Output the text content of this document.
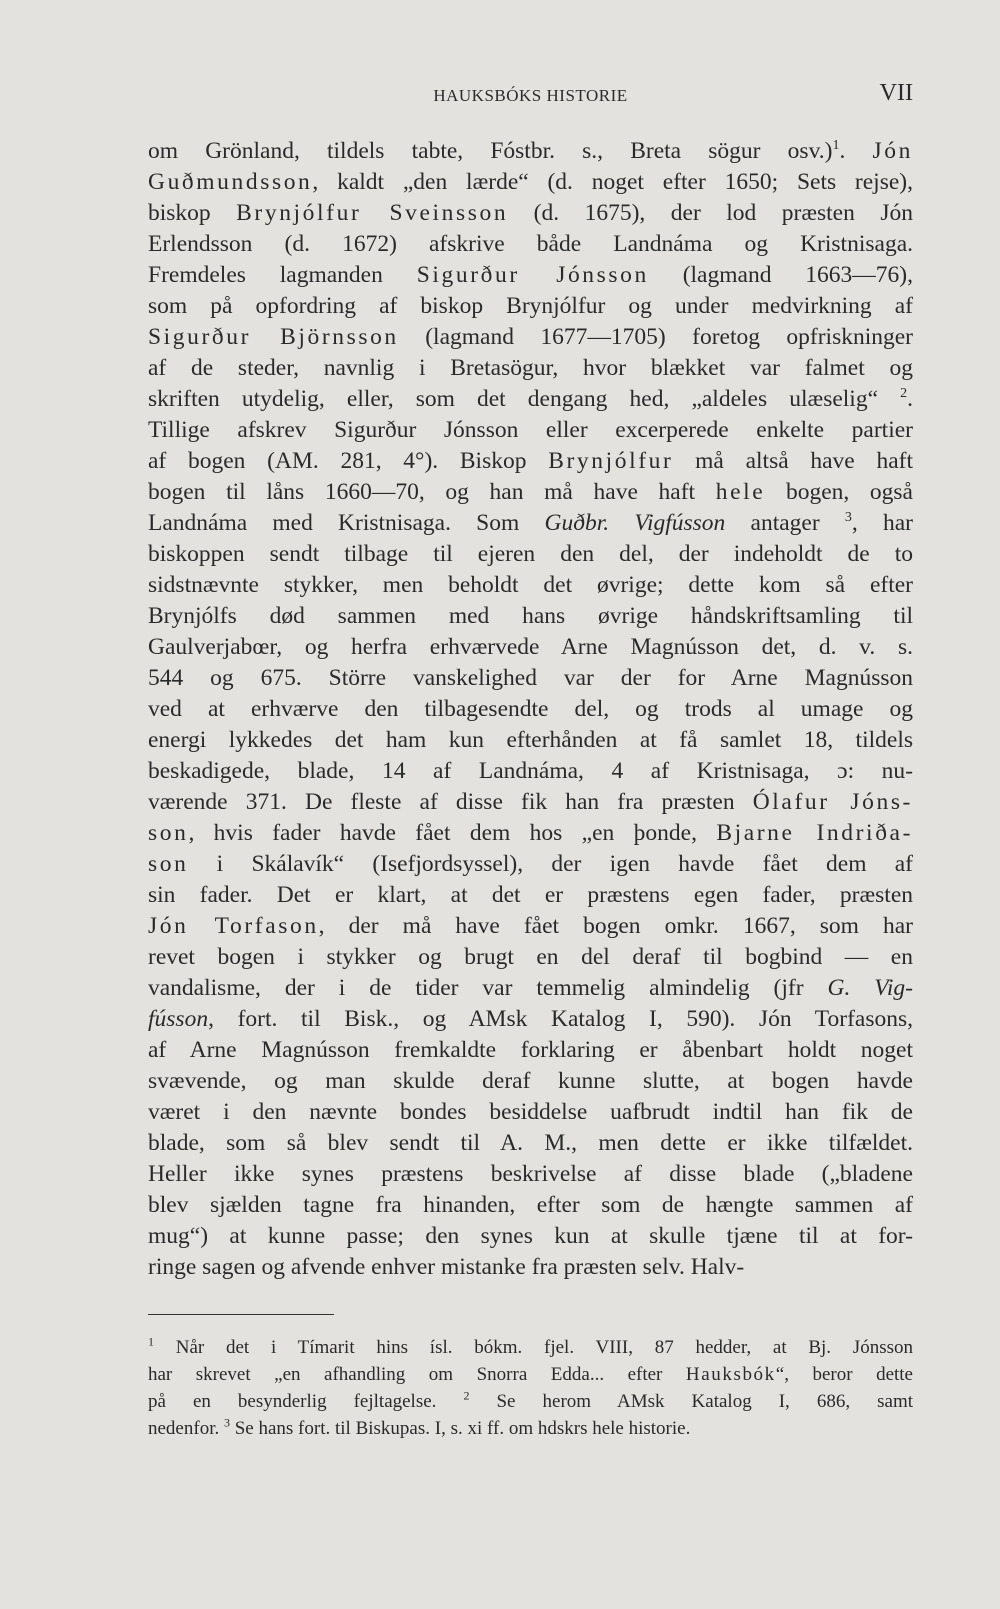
HAUKSBÓKS HISTORIE	VII
om Grönland, tildels tabte, Fóstbr. s., Breta sögur osv.)$^1$. Jón
Guðmundsson, kaldt „den lærde“ (d. noget efter 1650; Sets rejse),
biskop Brynjólfur Sveinsson (d. 1675), der lod præsten Jón
Erlendsson (d. 1672) afskrive både Landnáma og Kristnisaga.
Fremdeles lagmanden Sigurður Jónsson (lagmand 1663—76),
som på opfordring af biskop Brynjólfur og under medvirkning af
Sigurður Björnsson (lagmand 1677—1705) foretog opfriskninger
af de steder, navnlig i Bretasögur, hvor blækket var falmet og
skriften utydelig, eller, som det dengang hed, „aldeles ulæselig“ $^2$.
Tillige afskrev Sigurður Jónsson eller excerperede enkelte partier
af bogen (AM. 281, 4°). Biskop Brynjólfur må altså have haft
bogen til låns 1660—70, og han må have haft hele bogen, også
Landnáma med Kristnisaga. Som Guðbr. Vigfússon antager $^3$, har
biskoppen sendt tilbage til ejeren den del, der indeholdt de to
sidstnævnte stykker, men beholdt det øvrige; dette kom så efter
Brynjólfs død sammen med hans øvrige håndskriftsamling til
Gaulverjabœr, og herfra erhværvede Arne Magnússon det, d. v. s.
544 og 675. Större vanskelighed var der for Arne Magnússon
ved at erhværve den tilbagesendte del, og trods al umage og
energi lykkedes det ham kun efterhånden at få samlet 18, tildels
beskadigede, blade, 14 af Landnáma, 4 af Kristnisaga, ɔ: nu-
værende 371. De fleste af disse fik han fra præsten Ólafur Jóns-
son, hvis fader havde fået dem hos „en þonde, Bjarne Indriða-
son i Skálavík“ (Isefjordsyssel), der igen havde fået dem af
sin fader. Det er klart, at det er præstens egen fader, præsten
Jón Torfason, der må have fået bogen omkr. 1667, som har
revet bogen i stykker og brugt en del deraf til bogbind — en
vandalisme, der i de tider var temmelig almindelig (jfr G. Vig-
fússon, fort. til Bisk., og AMsk Katalog I, 590). Jón Torfasons,
af Arne Magnússon fremkaldte forklaring er åbenbart holdt noget
svævende, og man skulde deraf kunne slutte, at bogen havde
været i den nævnte bondes besiddelse uafbrudt indtil han fik de
blade, som så blev sendt til A. M., men dette er ikke tilfældet.
Heller ikke synes præstens beskrivelse af disse blade („bladene
blev sjælden tagne fra hinanden, efter som de hængte sammen af
mug“) at kunne passe; den synes kun at skulle tjæne til at for-
ringe sagen og afvende enhver mistanke fra præsten selv. Halv-
$^1$ Når det i Tímarit hins ísl. bókm. fjel. VIII, 87 hedder, at Bj. Jónsson
har skrevet „en afhandling om Snorra Edda... efter Hauksbók“, beror dette
på en besynderlig fejltagelse. $^2$ Se herom AMsk Katalog I, 686, samt
nedenfor. $^3$ Se hans fort. til Biskupas. I, s. xi ff. om hdskrs hele historie.
